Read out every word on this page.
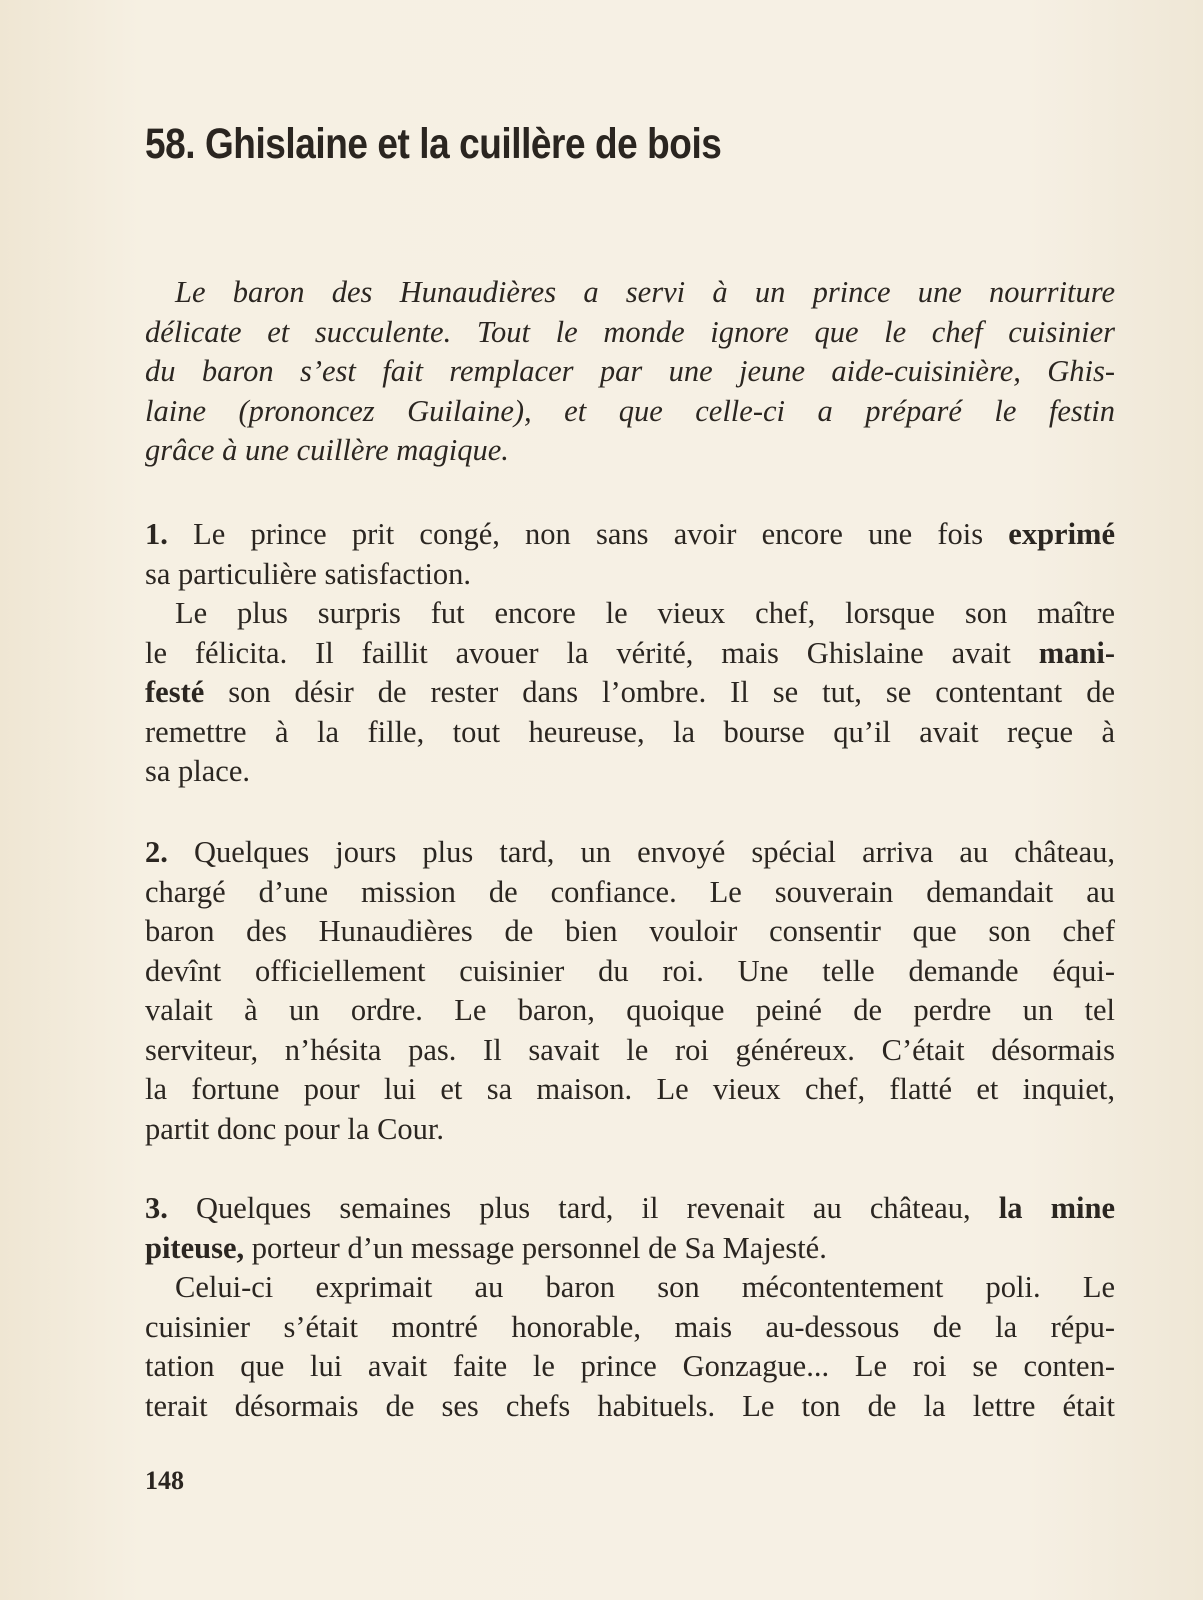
58. Ghislaine et la cuillère de bois
Le baron des Hunaudières a servi à un prince une nourriture
délicate et succulente. Tout le monde ignore que le chef cuisinier
du baron s’est fait remplacer par une jeune aide-cuisinière, Ghis-
laine (prononcez Guilaine), et que celle-ci a préparé le festin
grâce à une cuillère magique.
1. Le prince prit congé, non sans avoir encore une fois exprimé
sa particulière satisfaction.
Le plus surpris fut encore le vieux chef, lorsque son maître
le félicita. Il faillit avouer la vérité, mais Ghislaine avait mani-
festé son désir de rester dans l’ombre. Il se tut, se contentant de
remettre à la fille, tout heureuse, la bourse qu’il avait reçue à
sa place.
2. Quelques jours plus tard, un envoyé spécial arriva au château,
chargé d’une mission de confiance. Le souverain demandait au
baron des Hunaudières de bien vouloir consentir que son chef
devînt officiellement cuisinier du roi. Une telle demande équi-
valait à un ordre. Le baron, quoique peiné de perdre un tel
serviteur, n’hésita pas. Il savait le roi généreux. C’était désormais
la fortune pour lui et sa maison. Le vieux chef, flatté et inquiet,
partit donc pour la Cour.
3. Quelques semaines plus tard, il revenait au château, la mine
piteuse, porteur d’un message personnel de Sa Majesté.
Celui-ci exprimait au baron son mécontentement poli. Le
cuisinier s’était montré honorable, mais au-dessous de la répu-
tation que lui avait faite le prince Gonzague... Le roi se conten-
terait désormais de ses chefs habituels. Le ton de la lettre était
148
